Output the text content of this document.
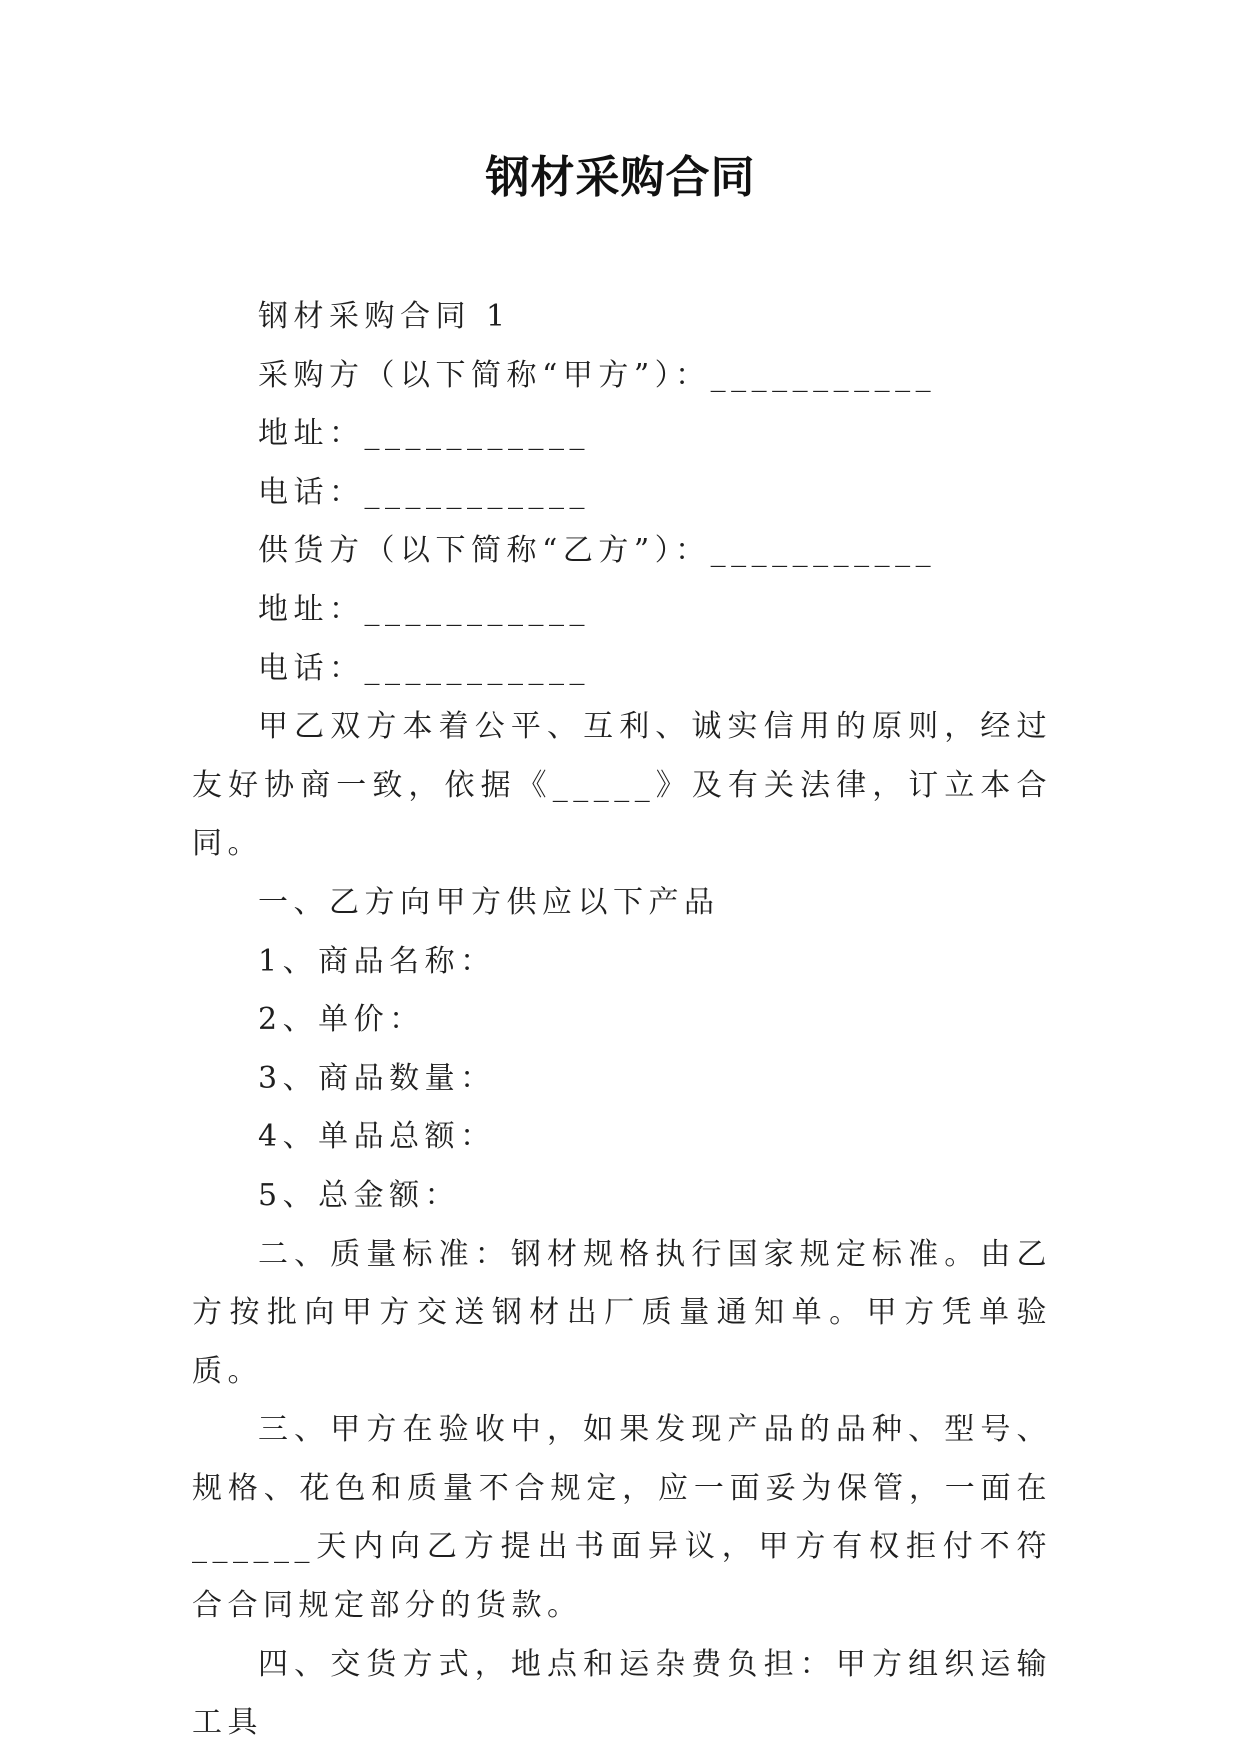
钢材采购合同

钢材采购合同 1

采购方（以下简称“甲方”）：___________

地址：___________

电话：___________

供货方（以下简称“乙方”）：___________

地址：___________

电话：___________

甲乙双方本着公平、互利、诚实信用的原则，经过友好协商一致，依据《_____》及有关法律，订立本合同。

一、乙方向甲方供应以下产品

1、商品名称：

2、单价：

3、商品数量：

4、单品总额：

5、总金额：

二、质量标准：钢材规格执行国家规定标准。由乙方按批向甲方交送钢材出厂质量通知单。甲方凭单验质。

三、甲方在验收中，如果发现产品的品种、型号、规格、花色和质量不合规定，应一面妥为保管，一面在______天内向乙方提出书面异议，甲方有权拒付不符合合同规定部分的货款。

四、交货方式，地点和运杂费负担：甲方组织运输工具
